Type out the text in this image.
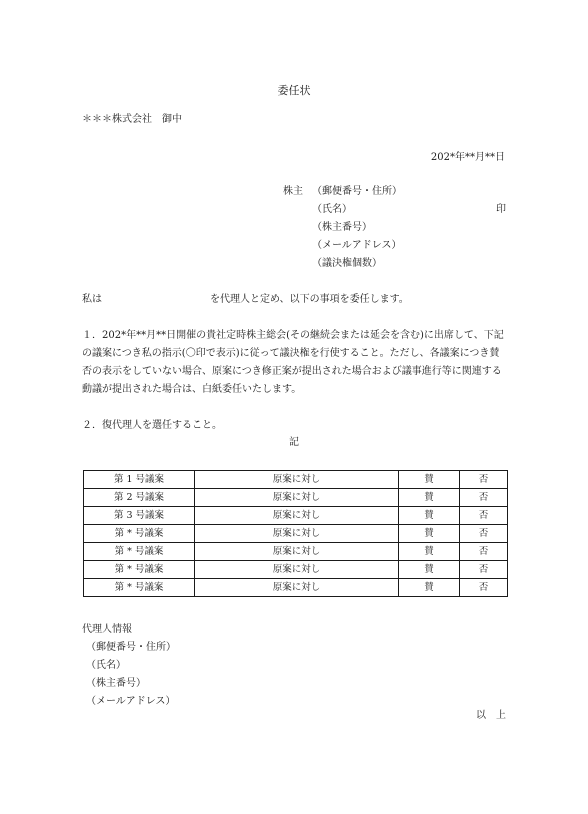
委任状
＊＊＊株式会社　御中
202*年**月**日
株主 （郵便番号・住所）
（氏名）	印
（株主番号）
（メールアドレス）
（議決権個数）
私は	を代理人と定め、以下の事項を委任します。
１．202*年**月**日開催の貴社定時株主総会(その継続会または延会を含む)に出席して、下記の議案につき私の指示(〇印で表示)に従って議決権を行使すること。ただし、各議案につき賛否の表示をしていない場合、原案につき修正案が提出された場合および議事進行等に関連する動議が提出された場合は、白紙委任いたします。
２．復代理人を選任すること。
記
第 1 号議案	原案に対し	賛	否
第 2 号議案	原案に対し	賛	否
第 3 号議案	原案に対し	賛	否
第 * 号議案	原案に対し	賛	否
第 * 号議案	原案に対し	賛	否
第 * 号議案	原案に対し	賛	否
第 * 号議案	原案に対し	賛	否
代理人情報
（郵便番号・住所）
（氏名）
（株主番号）
（メールアドレス）
以　上
